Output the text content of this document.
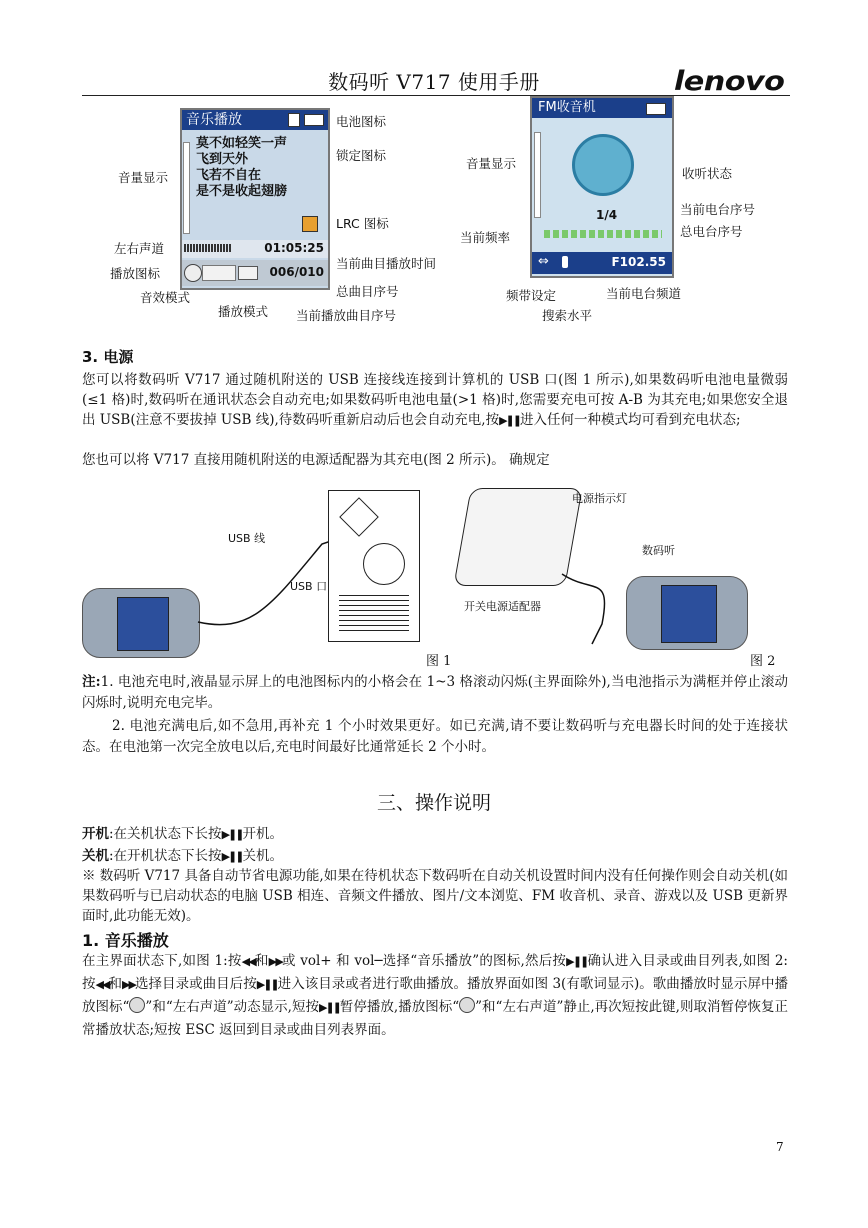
数码听 V717 使用手册	lenovo
音乐播放
莫不如轻笑一声
飞到天外
飞若不自在
是不是收起翅膀
01:05:25
006/010
电池图标
锁定图标
音量显示
LRC 图标
左右声道
当前曲目播放时间
播放图标
音效模式	总曲目序号
播放模式 当前播放曲目序号
FM收音机
1/4
⇔	F102.55
音量显示
收听状态
当前电台序号
当前频率	总电台序号
频带设定
搜索水平
当前电台频道
3. 电源
您可以将数码听 V717 通过随机附送的 USB 连接线连接到计算机的 USB 口(图 1 所示),如果数码听电池电量微弱(≤1 格)时,数码听在通讯状态会自动充电;如果数码听电池电量(>1 格)时,您需要充电可按 A-B 为其充电;如果您安全退出 USB(注意不要拔掉 USB 线),待数码听重新启动后也会自动充电,按▶❚❚进入任何一种模式均可看到充电状态;
您也可以将 V717 直接用随机附送的电源适配器为其充电(图 2 所示)。 确规定
USB 线
USB 口
电源指示灯
数码听
开关电源适配器
图 1	图 2
注:1. 电池充电时,液晶显示屏上的电池图标内的小格会在 1~3 格滚动闪烁(主界面除外),当电池指示为满框并停止滚动闪烁时,说明充电完毕。
2. 电池充满电后,如不急用,再补充 1 个小时效果更好。如已充满,请不要让数码听与充电器长时间的处于连接状态。在电池第一次完全放电以后,充电时间最好比通常延长 2 个小时。
三、操作说明
开机:在关机状态下长按▶❚❚开机。
关机:在开机状态下长按▶❚❚关机。
※ 数码听 V717 具备自动节省电源功能,如果在待机状态下数码听在自动关机设置时间内没有任何操作则会自动关机(如果数码听与已启动状态的电脑 USB 相连、音频文件播放、图片/文本浏览、FM 收音机、录音、游戏以及 USB 更新界面时,此功能无效)。
1. 音乐播放
在主界面状态下,如图 1:按◀◀和▶▶或 vol+ 和 vol─选择“音乐播放”的图标,然后按▶❚❚确认进入目录或曲目列表,如图 2:按◀◀和▶▶选择目录或曲目后按▶❚❚进入该目录或者进行歌曲播放。播放界面如图 3(有歌词显示)。歌曲播放时显示屏中播放图标“ ”和“左右声道”动态显示,短按▶❚❚暂停播放,播放图标“ ”和“左右声道”静止,再次短按此键,则取消暂停恢复正常播放状态;短按 ESC 返回到目录或曲目列表界面。
7
